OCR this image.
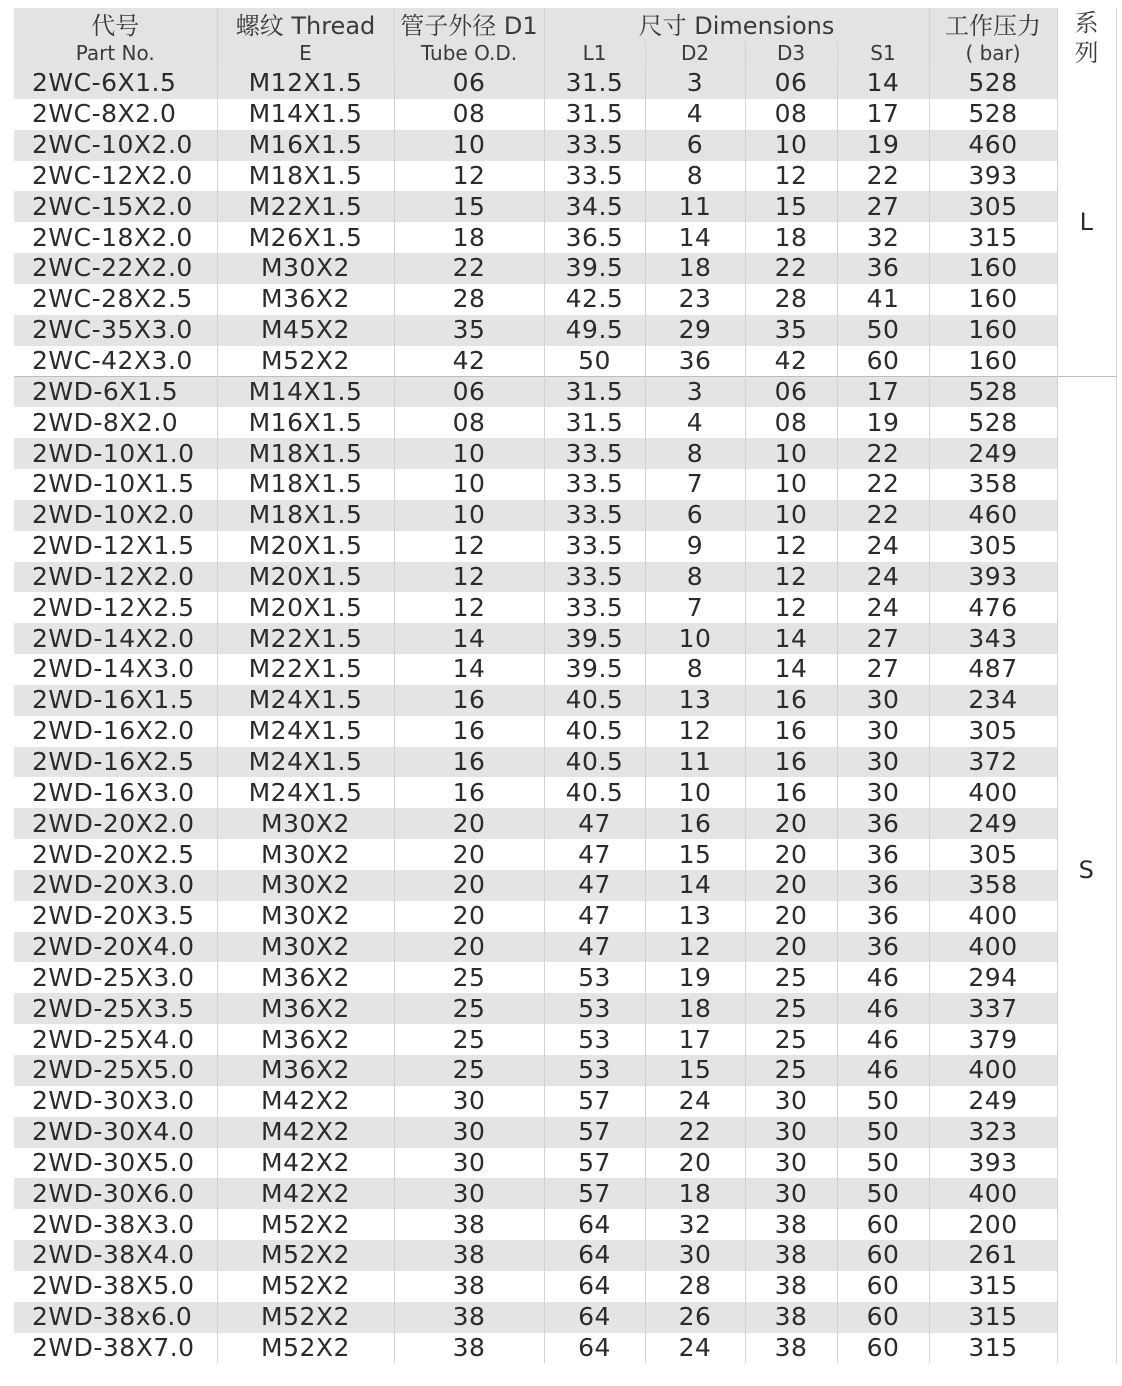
代号	螺纹 Thread	管子外径 D1	尺寸 Dimensions				工作压力	系
列

Part No.	E	Tube O.D.	L1	D2	D3	S1	( bar)	
2WC-6X1.5	M12X1.5	06	31.5	3	06	14	528	L
2WC-8X2.0	M14X1.5	08	31.5	4	08	17	528	
2WC-10X2.0	M16X1.5	10	33.5	6	10	19	460	
2WC-12X2.0	M18X1.5	12	33.5	8	12	22	393	
2WC-15X2.0	M22X1.5	15	34.5	11	15	27	305	
2WC-18X2.0	M26X1.5	18	36.5	14	18	32	315	
2WC-22X2.0	M30X2	22	39.5	18	22	36	160	
2WC-28X2.5	M36X2	28	42.5	23	28	41	160	
2WC-35X3.0	M45X2	35	49.5	29	35	50	160	
2WC-42X3.0	M52X2	42	50	36	42	60	160	
2WD-6X1.5	M14X1.5	06	31.5	3	06	17	528	S
2WD-8X2.0	M16X1.5	08	31.5	4	08	19	528	
2WD-10X1.0	M18X1.5	10	33.5	8	10	22	249	
2WD-10X1.5	M18X1.5	10	33.5	7	10	22	358	
2WD-10X2.0	M18X1.5	10	33.5	6	10	22	460	
2WD-12X1.5	M20X1.5	12	33.5	9	12	24	305	
2WD-12X2.0	M20X1.5	12	33.5	8	12	24	393	
2WD-12X2.5	M20X1.5	12	33.5	7	12	24	476	
2WD-14X2.0	M22X1.5	14	39.5	10	14	27	343	
2WD-14X3.0	M22X1.5	14	39.5	8	14	27	487	
2WD-16X1.5	M24X1.5	16	40.5	13	16	30	234	
2WD-16X2.0	M24X1.5	16	40.5	12	16	30	305	
2WD-16X2.5	M24X1.5	16	40.5	11	16	30	372	
2WD-16X3.0	M24X1.5	16	40.5	10	16	30	400	
2WD-20X2.0	M30X2	20	47	16	20	36	249	
2WD-20X2.5	M30X2	20	47	15	20	36	305	
2WD-20X3.0	M30X2	20	47	14	20	36	358	
2WD-20X3.5	M30X2	20	47	13	20	36	400	
2WD-20X4.0	M30X2	20	47	12	20	36	400	
2WD-25X3.0	M36X2	25	53	19	25	46	294	
2WD-25X3.5	M36X2	25	53	18	25	46	337	
2WD-25X4.0	M36X2	25	53	17	25	46	379	
2WD-25X5.0	M36X2	25	53	15	25	46	400	
2WD-30X3.0	M42X2	30	57	24	30	50	249	
2WD-30X4.0	M42X2	30	57	22	30	50	323	
2WD-30X5.0	M42X2	30	57	20	30	50	393	
2WD-30X6.0	M42X2	30	57	18	30	50	400	
2WD-38X3.0	M52X2	38	64	32	38	60	200	
2WD-38X4.0	M52X2	38	64	30	38	60	261	
2WD-38X5.0	M52X2	38	64	28	38	60	315	
2WD-38x6.0	M52X2	38	64	26	38	60	315	
2WD-38X7.0	M52X2	38	64	24	38	60	315	
